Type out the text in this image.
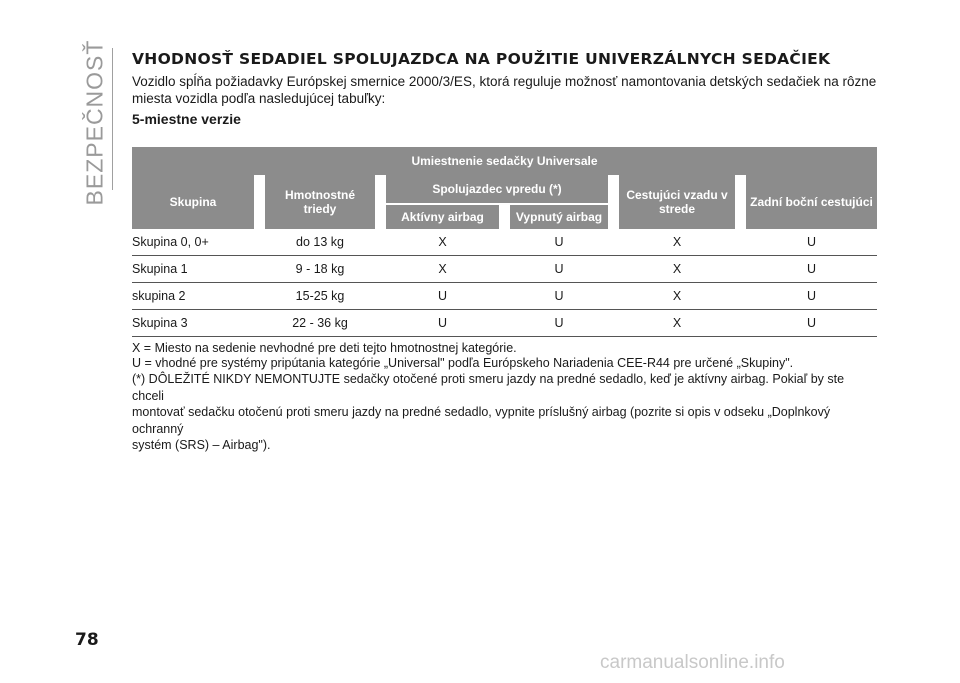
BEZPEČNOSŤ VHODNOSŤ SEDADIEL SPOLUJAZDCA NA POUŽITIE UNIVERZÁLNYCH SEDAČIEK

Vozidlo spĺňa požiadavky Európskej smernice 2000/3/ES, ktorá reguluje možnosť namontovania detských sedačiek na rôzne
miesta vozidla podľa nasledujúcej tabuľky:

5-miestne verzie

Umiestnenie sedačky Universale										
Skupina		Hmotnostné triedy		Spolujazdec vpredu (*)				Cestujúci vzadu v strede		Zadní boční cestujúci
				Aktívny airbag		Vypnutý airbag				
Skupina 0, 0+		do 13 kg		X		U		X		U
Skupina 1		9 - 18 kg		X		U		X		U
skupina 2		15-25 kg		U		U		X		U
Skupina 3		22 - 36 kg		U		U		X		U

X = Miesto na sedenie nevhodné pre deti tejto hmotnostnej kategórie.

U = vhodné pre systémy pripútania kategórie „Universal" podľa Európskeho Nariadenia CEE-R44 pre určené „Skupiny".

(*) DÔLEŽITÉ NIKDY NEMONTUJTE sedačky otočené proti smeru jazdy na predné sedadlo, keď je aktívny airbag. Pokiaľ by ste chceli

montovať sedačku otočenú proti smeru jazdy na predné sedadlo, vypnite príslušný airbag (pozrite si opis v odseku „Doplnkový ochranný

systém (SRS) – Airbag").

78
carmanualsonline.info
